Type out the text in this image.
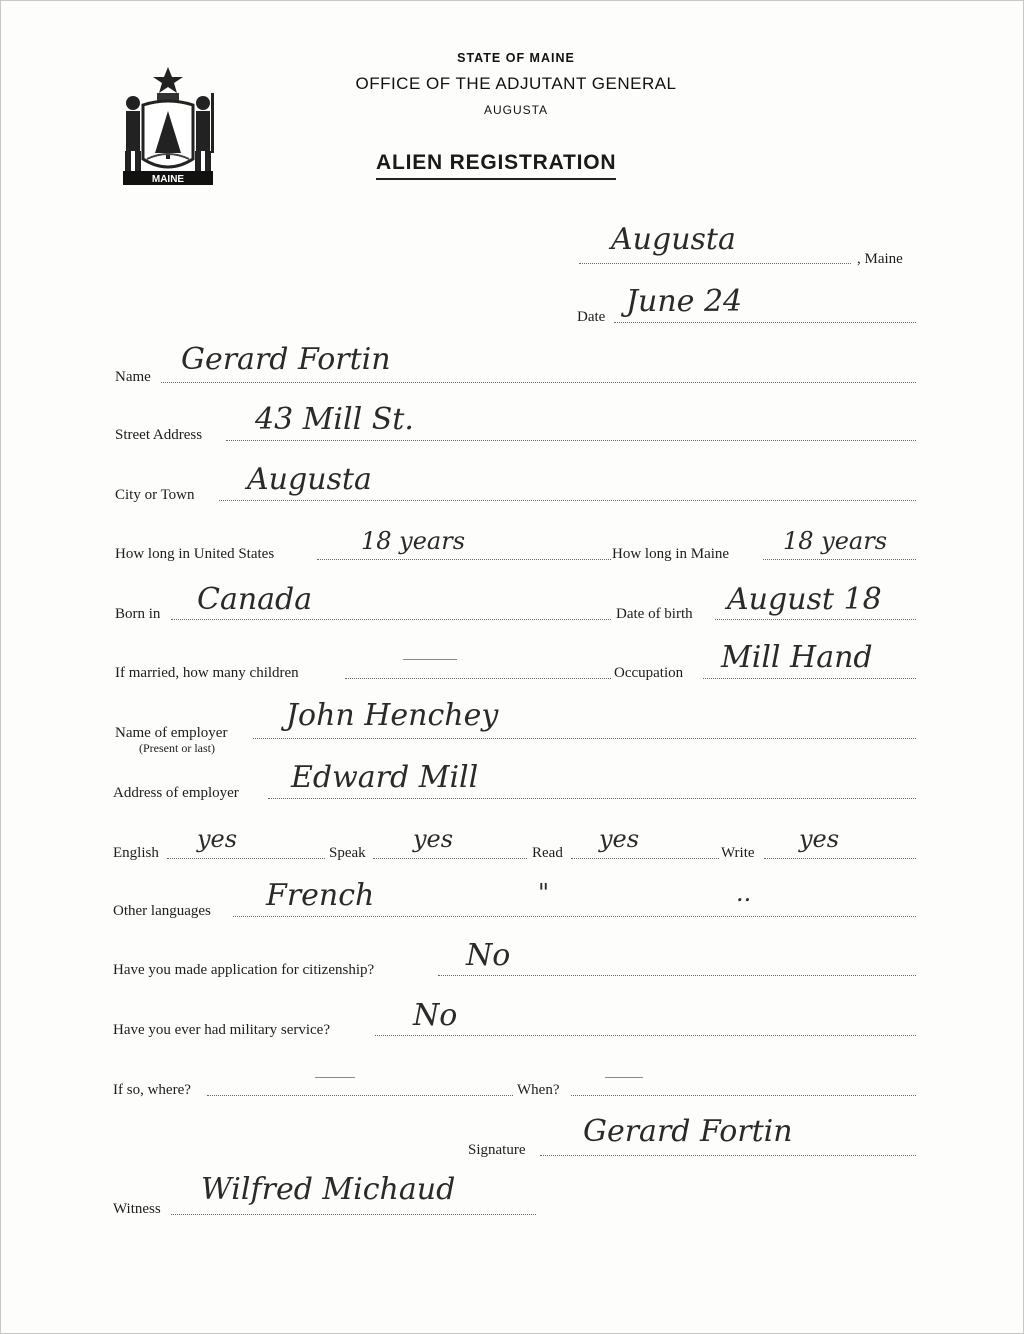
MAINE
STATE OF MAINE
OFFICE OF THE ADJUTANT GENERAL
AUGUSTA
ALIEN REGISTRATION
Augusta
, Maine
Date June 24
Name Gerard Fortin
Street Address 43 Mill St.
City or Town Augusta
How long in United States	18 years	How long in Maine 18 years
Born in Canada	Date of birth August 18
If married, how many children	Occupation Mill Hand
Name of employer
(Present or last)
John Henchey
Address of employer Edward Mill
English yes	Speak yes	Read yes	Write yes
Other languages French	"	..
Have you made application for citizenship?	No
Have you ever had military service?	No
If so, where?	When?
Signature
Gerard Fortin
Witness
Wilfred Michaud
